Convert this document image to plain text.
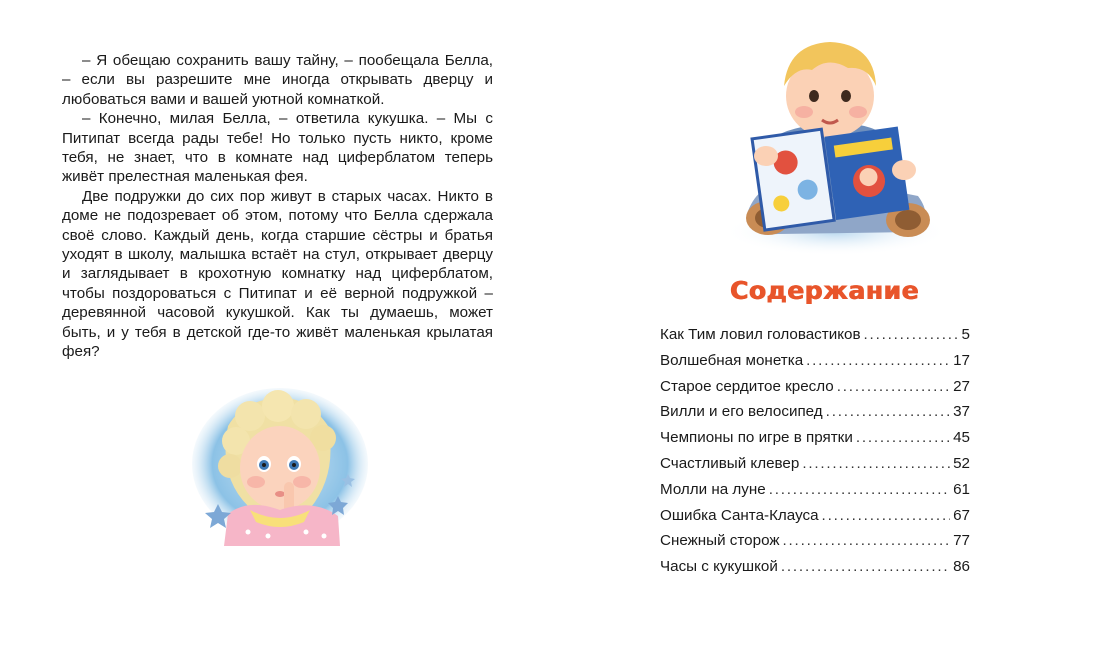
– Я обещаю сохранить вашу тайну, – пообещала Белла, – если вы разрешите мне иногда открывать дверцу и любоваться вами и вашей уютной комнаткой.

– Конечно, милая Белла, – ответила кукушка. – Мы с Питипат всегда рады тебе! Но только пусть никто, кроме тебя, не знает, что в комнате над циферблатом теперь живёт прелестная маленькая фея.

Две подружки до сих пор живут в старых часах. Никто в доме не подозревает об этом, потому что Белла сдержала своё слово. Каждый день, когда старшие сёстры и братья уходят в школу, малышка встаёт на стул, открывает дверцу и заглядывает в крохотную комнатку над циферблатом, чтобы поздороваться с Питипат и её верной подружкой – деревянной часовой кукушкой. Как ты думаешь, может быть, и у тебя в детской где-то живёт маленькая крылатая фея?

Содержание
Как Тим ловил головастиков .....	5
Волшебная монетка .....	17
Старое сердитое кресло .....	27
Вилли и его велосипед .....	37
Чемпионы по игре в прятки .....	45
Счастливый клевер .....	52
Молли на луне .....	61
Ошибка Санта-Клауса .....	67
Снежный сторож .....	77
Часы с кукушкой .....	86
